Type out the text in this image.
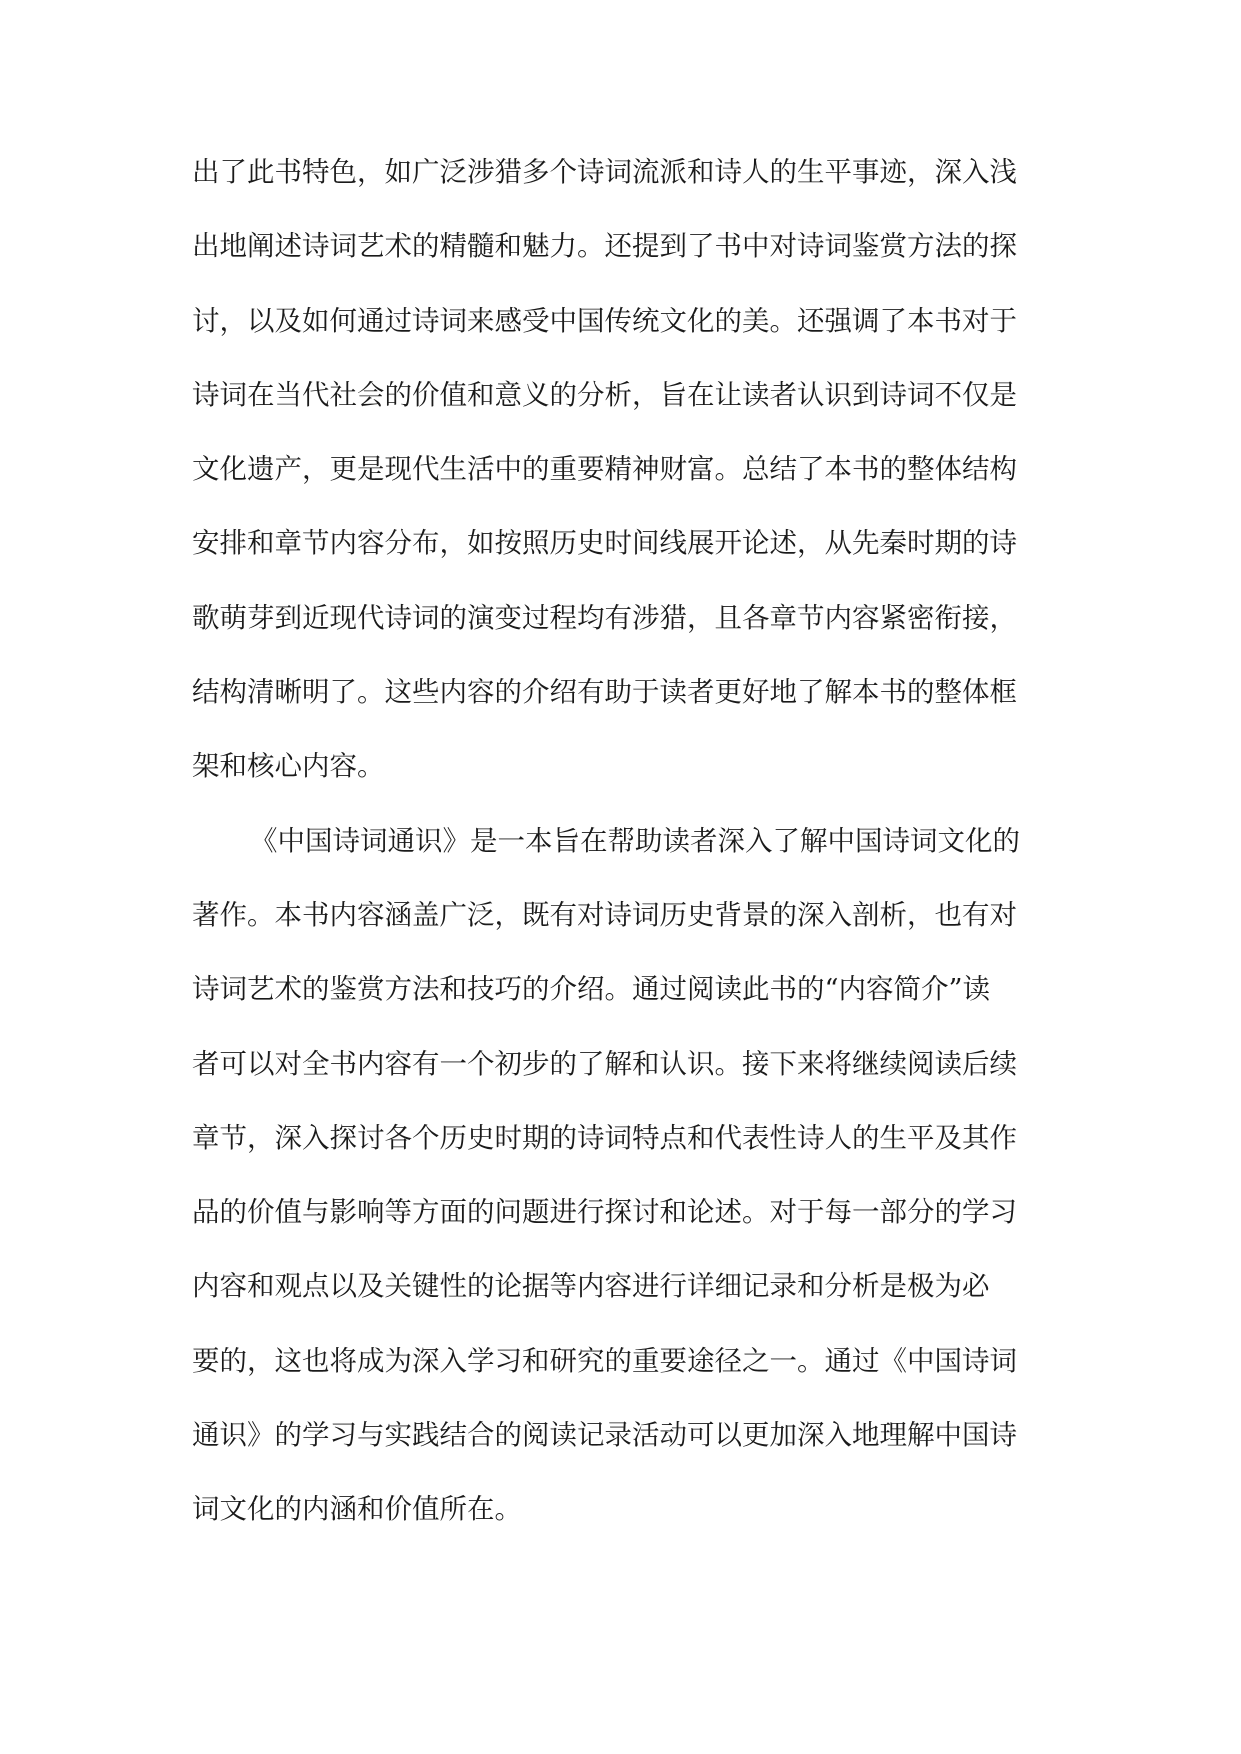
出了此书特色，如广泛涉猎多个诗词流派和诗人的生平事迹，深入浅
出地阐述诗词艺术的精髓和魅力。还提到了书中对诗词鉴赏方法的探
讨，以及如何通过诗词来感受中国传统文化的美。还强调了本书对于
诗词在当代社会的价值和意义的分析，旨在让读者认识到诗词不仅是
文化遗产，更是现代生活中的重要精神财富。总结了本书的整体结构
安排和章节内容分布，如按照历史时间线展开论述，从先秦时期的诗
歌萌芽到近现代诗词的演变过程均有涉猎，且各章节内容紧密衔接，
结构清晰明了。这些内容的介绍有助于读者更好地了解本书的整体框
架和核心内容。
《中国诗词通识》是一本旨在帮助读者深入了解中国诗词文化的
著作。本书内容涵盖广泛，既有对诗词历史背景的深入剖析，也有对
诗词艺术的鉴赏方法和技巧的介绍。通过阅读此书的“内容简介”读
者可以对全书内容有一个初步的了解和认识。接下来将继续阅读后续
章节，深入探讨各个历史时期的诗词特点和代表性诗人的生平及其作
品的价值与影响等方面的问题进行探讨和论述。对于每一部分的学习
内容和观点以及关键性的论据等内容进行详细记录和分析是极为必
要的，这也将成为深入学习和研究的重要途径之一。通过《中国诗词
通识》的学习与实践结合的阅读记录活动可以更加深入地理解中国诗
词文化的内涵和价值所在。
